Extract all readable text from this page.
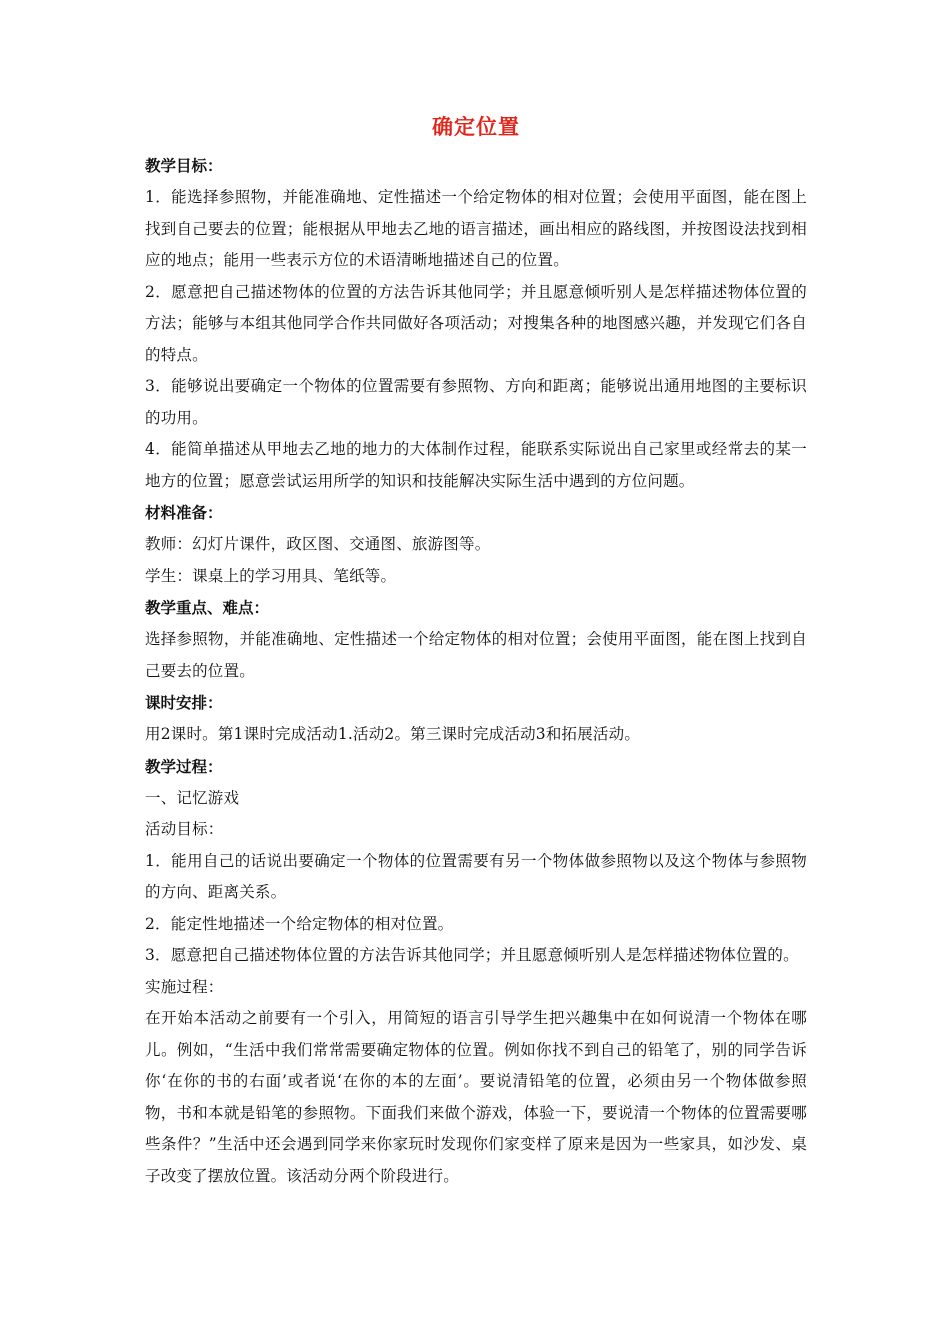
确定位置

教学目标：

1．能选择参照物，并能准确地、定性描述一个给定物体的相对位置；会使用平面图，能在图上找到自己要去的位置；能根据从甲地去乙地的语言描述，画出相应的路线图，并按图设法找到相应的地点；能用一些表示方位的术语清晰地描述自己的位置。

2．愿意把自己描述物体的位置的方法告诉其他同学；并且愿意倾听别人是怎样描述物体位置的方法；能够与本组其他同学合作共同做好各项活动；对搜集各种的地图感兴趣，并发现它们各自的特点。

3．能够说出要确定一个物体的位置需要有参照物、方向和距离；能够说出通用地图的主要标识的功用。

4．能简单描述从甲地去乙地的地力的大体制作过程，能联系实际说出自己家里或经常去的某一地方的位置；愿意尝试运用所学的知识和技能解决实际生活中遇到的方位问题。

材料准备：

教师：幻灯片课件，政区图、交通图、旅游图等。

学生：课桌上的学习用具、笔纸等。

教学重点、难点：

选择参照物，并能准确地、定性描述一个给定物体的相对位置；会使用平面图，能在图上找到自己要去的位置。

课时安排：

用2课时。第1课时完成活动1.活动2。第三课时完成活动3和拓展活动。

教学过程：

一、记忆游戏

活动目标：

1．能用自己的话说出要确定一个物体的位置需要有另一个物体做参照物以及这个物体与参照物的方向、距离关系。

2．能定性地描述一个给定物体的相对位置。

3．愿意把自己描述物体位置的方法告诉其他同学；并且愿意倾听别人是怎样描述物体位置的。

实施过程：

在开始本活动之前要有一个引入，用简短的语言引导学生把兴趣集中在如何说清一个物体在哪儿。例如，“生活中我们常常需要确定物体的位置。例如你找不到自己的铅笔了，别的同学告诉你‘在你的书的右面’或者说‘在你的本的左面’。要说清铅笔的位置，必须由另一个物体做参照物，书和本就是铅笔的参照物。下面我们来做个游戏，体验一下，要说清一个物体的位置需要哪些条件？”生活中还会遇到同学来你家玩时发现你们家变样了原来是因为一些家具，如沙发、桌子改变了摆放位置。该活动分两个阶段进行。
